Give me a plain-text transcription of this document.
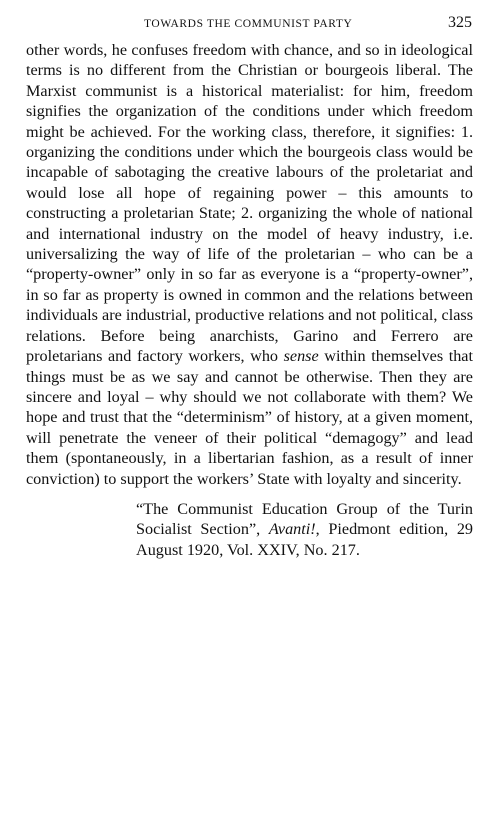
TOWARDS THE COMMUNIST PARTY	325

other words, he confuses freedom with chance, and so in ideological terms is no different from the Christian or bourgeois liberal. The Marxist communist is a historical materialist: for him, freedom signifies the organization of the conditions under which freedom might be achieved. For the working class, therefore, it signifies: 1. organizing the conditions under which the bourgeois class would be incapable of sabotaging the creative labours of the proletariat and would lose all hope of regaining power – this amounts to constructing a proletarian State; 2. organizing the whole of national and international industry on the model of heavy industry, i.e. universalizing the way of life of the proletarian – who can be a “property-owner” only in so far as everyone is a “property-owner”, in so far as property is owned in common and the relations between individuals are industrial, productive relations and not political, class relations. Before being anarchists, Garino and Ferrero are proletarians and factory workers, who sense within themselves that things must be as we say and cannot be otherwise. Then they are sincere and loyal – why should we not collaborate with them? We hope and trust that the “determinism” of history, at a given moment, will penetrate the veneer of their political “demagogy” and lead them (spontaneously, in a libertarian fashion, as a result of inner conviction) to support the workers’ State with loyalty and sincerity.

“The Communist Education Group of the Turin Socialist Section”, Avanti!, Piedmont edition, 29 August 1920, Vol. XXIV, No. 217.
